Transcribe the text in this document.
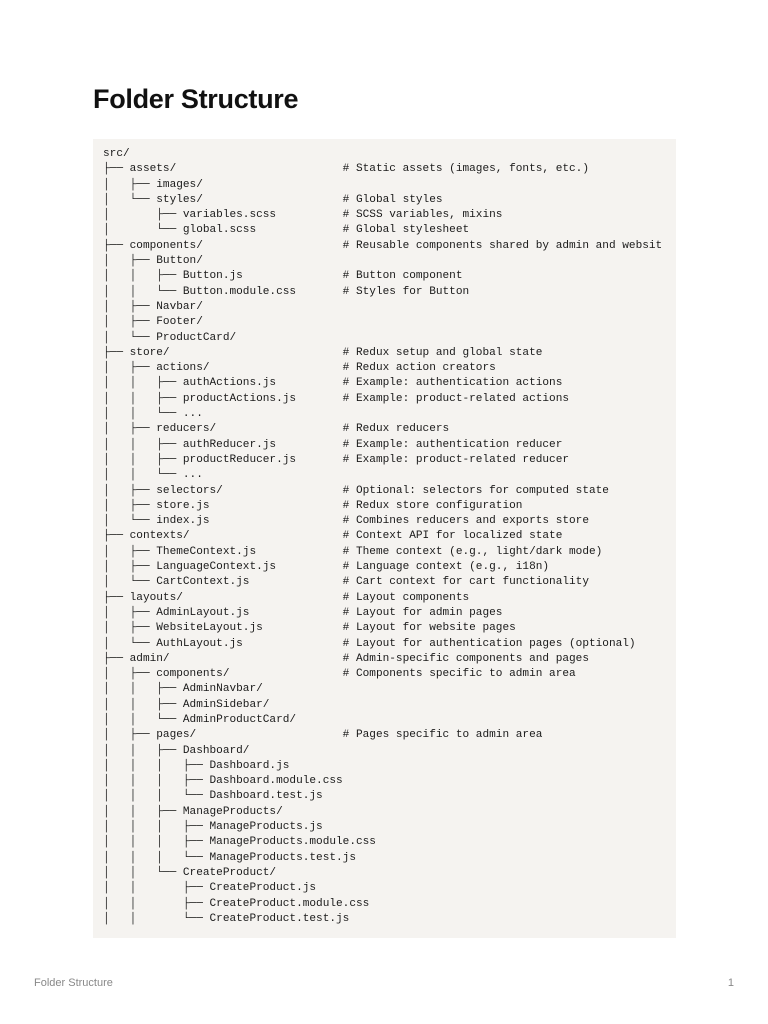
Folder Structure
src/
├── assets/                         # Static assets (images, fonts, etc.)
│   ├── images/
│   └── styles/                     # Global styles
│       ├── variables.scss          # SCSS variables, mixins
│       └── global.scss             # Global stylesheet
├── components/                     # Reusable components shared by admin and websit
│   ├── Button/
│   │   ├── Button.js               # Button component
│   │   └── Button.module.css       # Styles for Button
│   ├── Navbar/
│   ├── Footer/
│   └── ProductCard/
├── store/                          # Redux setup and global state
│   ├── actions/                    # Redux action creators
│   │   ├── authActions.js          # Example: authentication actions
│   │   ├── productActions.js       # Example: product-related actions
│   │   └── ...
│   ├── reducers/                   # Redux reducers
│   │   ├── authReducer.js          # Example: authentication reducer
│   │   ├── productReducer.js       # Example: product-related reducer
│   │   └── ...
│   ├── selectors/                  # Optional: selectors for computed state
│   ├── store.js                    # Redux store configuration
│   └── index.js                    # Combines reducers and exports store
├── contexts/                       # Context API for localized state
│   ├── ThemeContext.js             # Theme context (e.g., light/dark mode)
│   ├── LanguageContext.js          # Language context (e.g., i18n)
│   └── CartContext.js              # Cart context for cart functionality
├── layouts/                        # Layout components
│   ├── AdminLayout.js              # Layout for admin pages
│   ├── WebsiteLayout.js            # Layout for website pages
│   └── AuthLayout.js               # Layout for authentication pages (optional)
├── admin/                          # Admin-specific components and pages
│   ├── components/                 # Components specific to admin area
│   │   ├── AdminNavbar/
│   │   ├── AdminSidebar/
│   │   └── AdminProductCard/
│   ├── pages/                      # Pages specific to admin area
│   │   ├── Dashboard/
│   │   │   ├── Dashboard.js
│   │   │   ├── Dashboard.module.css
│   │   │   └── Dashboard.test.js
│   │   ├── ManageProducts/
│   │   │   ├── ManageProducts.js
│   │   │   ├── ManageProducts.module.css
│   │   │   └── ManageProducts.test.js
│   │   └── CreateProduct/
│   │       ├── CreateProduct.js
│   │       ├── CreateProduct.module.css
│   │       └── CreateProduct.test.js
Folder Structure	1
